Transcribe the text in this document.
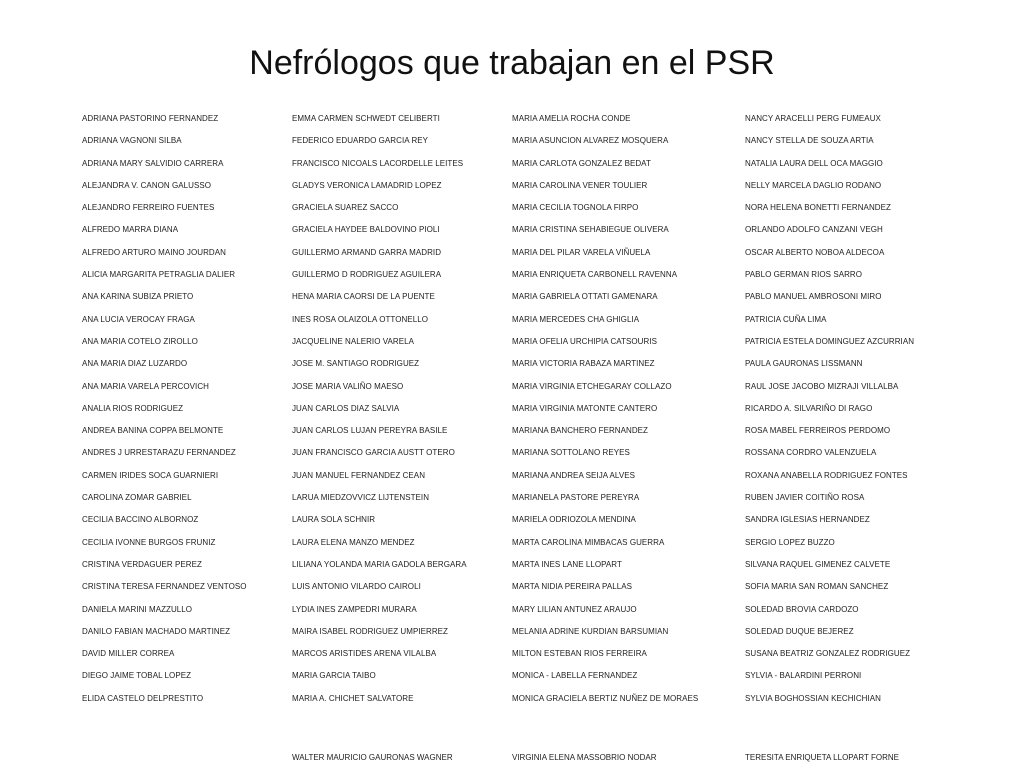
Nefrólogos que trabajan en el PSR
ADRIANA PASTORINO FERNANDEZ
ADRIANA VAGNONI SILBA
ADRIANA MARY SALVIDIO CARRERA
ALEJANDRA V. CANON GALUSSO
ALEJANDRO FERREIRO FUENTES
ALFREDO MARRA DIANA
ALFREDO ARTURO MAINO JOURDAN
ALICIA MARGARITA PETRAGLIA DALIER
ANA KARINA SUBIZA PRIETO
ANA LUCIA VEROCAY FRAGA
ANA MARIA COTELO ZIROLLO
ANA MARIA DIAZ LUZARDO
ANA MARIA VARELA PERCOVICH
ANALIA RIOS RODRIGUEZ
ANDREA BANINA COPPA BELMONTE
ANDRES J URRESTARAZU FERNANDEZ
CARMEN IRIDES SOCA GUARNIERI
CAROLINA ZOMAR GABRIEL
CECILIA BACCINO ALBORNOZ
CECILIA IVONNE BURGOS FRUNIZ
CRISTINA VERDAGUER PEREZ
CRISTINA TERESA FERNANDEZ VENTOSO
DANIELA MARINI MAZZULLO
DANILO FABIAN MACHADO MARTINEZ
DAVID MILLER CORREA
DIEGO JAIME TOBAL LOPEZ
ELIDA CASTELO DELPRESTITO
EMMA CARMEN SCHWEDT CELIBERTI
FEDERICO EDUARDO GARCIA REY
FRANCISCO NICOALS LACORDELLE LEITES
GLADYS VERONICA LAMADRID LOPEZ
GRACIELA SUAREZ SACCO
GRACIELA HAYDEE BALDOVINO PIOLI
GUILLERMO ARMAND GARRA MADRID
GUILLERMO D RODRIGUEZ AGUILERA
HENA MARIA CAORSI DE LA PUENTE
INES ROSA OLAIZOLA OTTONELLO
JACQUELINE NALERIO VARELA
JOSE M. SANTIAGO RODRIGUEZ
JOSE MARIA VALIÑO MAESO
JUAN CARLOS DIAZ SALVIA
JUAN CARLOS LUJAN PEREYRA BASILE
JUAN FRANCISCO GARCIA AUSTT OTERO
JUAN MANUEL FERNANDEZ CEAN
LARUA MIEDZOVVICZ LIJTENSTEIN
LAURA SOLA SCHNIR
LAURA ELENA MANZO MENDEZ
LILIANA YOLANDA MARIA GADOLA BERGARA
LUIS ANTONIO VILARDO CAIROLI
LYDIA INES ZAMPEDRI MURARA
MAIRA ISABEL RODRIGUEZ UMPIERREZ
MARCOS ARISTIDES ARENA VILALBA
MARIA GARCIA TAIBO
MARIA A. CHICHET SALVATORE
MARIA AMELIA ROCHA CONDE
MARIA ASUNCION ALVAREZ MOSQUERA
MARIA CARLOTA GONZALEZ BEDAT
MARIA CAROLINA VENER TOULIER
MARIA CECILIA TOGNOLA FIRPO
MARIA CRISTINA SEHABIEGUE OLIVERA
MARIA DEL PILAR VARELA VIÑUELA
MARIA ENRIQUETA CARBONELL RAVENNA
MARIA GABRIELA OTTATI GAMENARA
MARIA MERCEDES CHA GHIGLIA
MARIA OFELIA URCHIPIA CATSOURIS
MARIA VICTORIA RABAZA MARTINEZ
MARIA VIRGINIA ETCHEGARAY COLLAZO
MARIA VIRGINIA MATONTE CANTERO
MARIANA BANCHERO FERNANDEZ
MARIANA SOTTOLANO REYES
MARIANA ANDREA SEIJA ALVES
MARIANELA PASTORE PEREYRA
MARIELA ODRIOZOLA MENDINA
MARTA CAROLINA MIMBACAS GUERRA
MARTA INES LANE LLOPART
MARTA NIDIA PEREIRA PALLAS
MARY LILIAN ANTUNEZ ARAUJO
MELANIA ADRINE KURDIAN BARSUMIAN
MILTON ESTEBAN RIOS FERREIRA
MONICA - LABELLA FERNANDEZ
MONICA GRACIELA BERTIZ NUÑEZ DE MORAES
NANCY ARACELLI PERG FUMEAUX
NANCY STELLA DE SOUZA ARTIA
NATALIA LAURA DELL OCA MAGGIO
NELLY MARCELA DAGLIO RODANO
NORA HELENA BONETTI FERNANDEZ
ORLANDO ADOLFO CANZANI VEGH
OSCAR ALBERTO NOBOA ALDECOA
PABLO GERMAN RIOS SARRO
PABLO MANUEL AMBROSONI MIRO
PATRICIA CUÑA LIMA
PATRICIA ESTELA DOMINGUEZ AZCURRIAN
PAULA GAURONAS LISSMANN
RAUL JOSE JACOBO MIZRAJI VILLALBA
RICARDO A. SILVARIÑO DI RAGO
ROSA MABEL FERREIROS PERDOMO
ROSSANA CORDRO VALENZUELA
ROXANA ANABELLA RODRIGUEZ FONTES
RUBEN JAVIER COITIÑO ROSA
SANDRA IGLESIAS HERNANDEZ
SERGIO LOPEZ BUZZO
SILVANA RAQUEL GIMENEZ CALVETE
SOFIA MARIA SAN ROMAN SANCHEZ
SOLEDAD BROVIA CARDOZO
SOLEDAD DUQUE BEJEREZ
SUSANA BEATRIZ GONZALEZ RODRIGUEZ
SYLVIA - BALARDINI PERRONI
SYLVIA BOGHOSSIAN KECHICHIAN
WALTER MAURICIO GAURONAS WAGNER	VIRGINIA ELENA MASSOBRIO NODAR	TERESITA ENRIQUETA LLOPART FORNE
